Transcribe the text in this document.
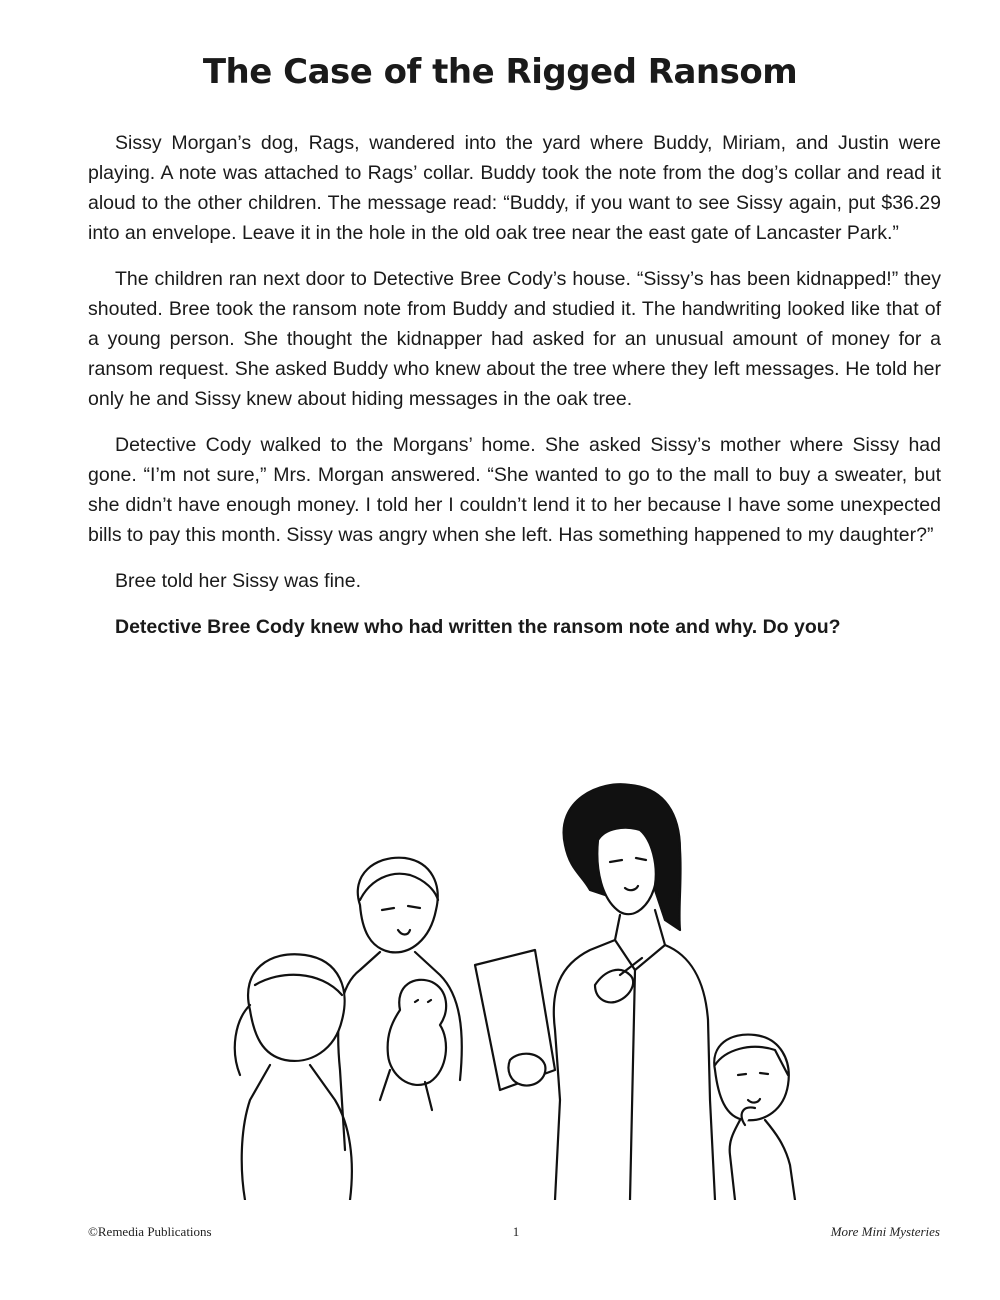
The Case of the Rigged Ransom

Sissy Morgan’s dog, Rags, wandered into the yard where Buddy, Miriam, and Justin were playing. A note was attached to Rags’ collar. Buddy took the note from the dog’s collar and read it aloud to the other children. The message read: “Buddy, if you want to see Sissy again, put $36.29 into an envelope. Leave it in the hole in the old oak tree near the east gate of Lancaster Park.”

The children ran next door to Detective Bree Cody’s house. “Sissy’s has been kidnapped!” they shouted. Bree took the ransom note from Buddy and studied it. The handwriting looked like that of a young person. She thought the kidnapper had asked for an unusual amount of money for a ransom request. She asked Buddy who knew about the tree where they left messages. He told her only he and Sissy knew about hiding messages in the oak tree.

Detective Cody walked to the Morgans’ home. She asked Sissy’s mother where Sissy had gone. “I’m not sure,” Mrs. Morgan answered. “She wanted to go to the mall to buy a sweater, but she didn’t have enough money. I told her I couldn’t lend it to her because I have some unexpected bills to pay this month. Sissy was angry when she left. Has something happened to my daughter?”

Bree told her Sissy was fine.

Detective Bree Cody knew who had written the ransom note and why. Do you?

©Remedia Publications	1	More Mini Mysteries
